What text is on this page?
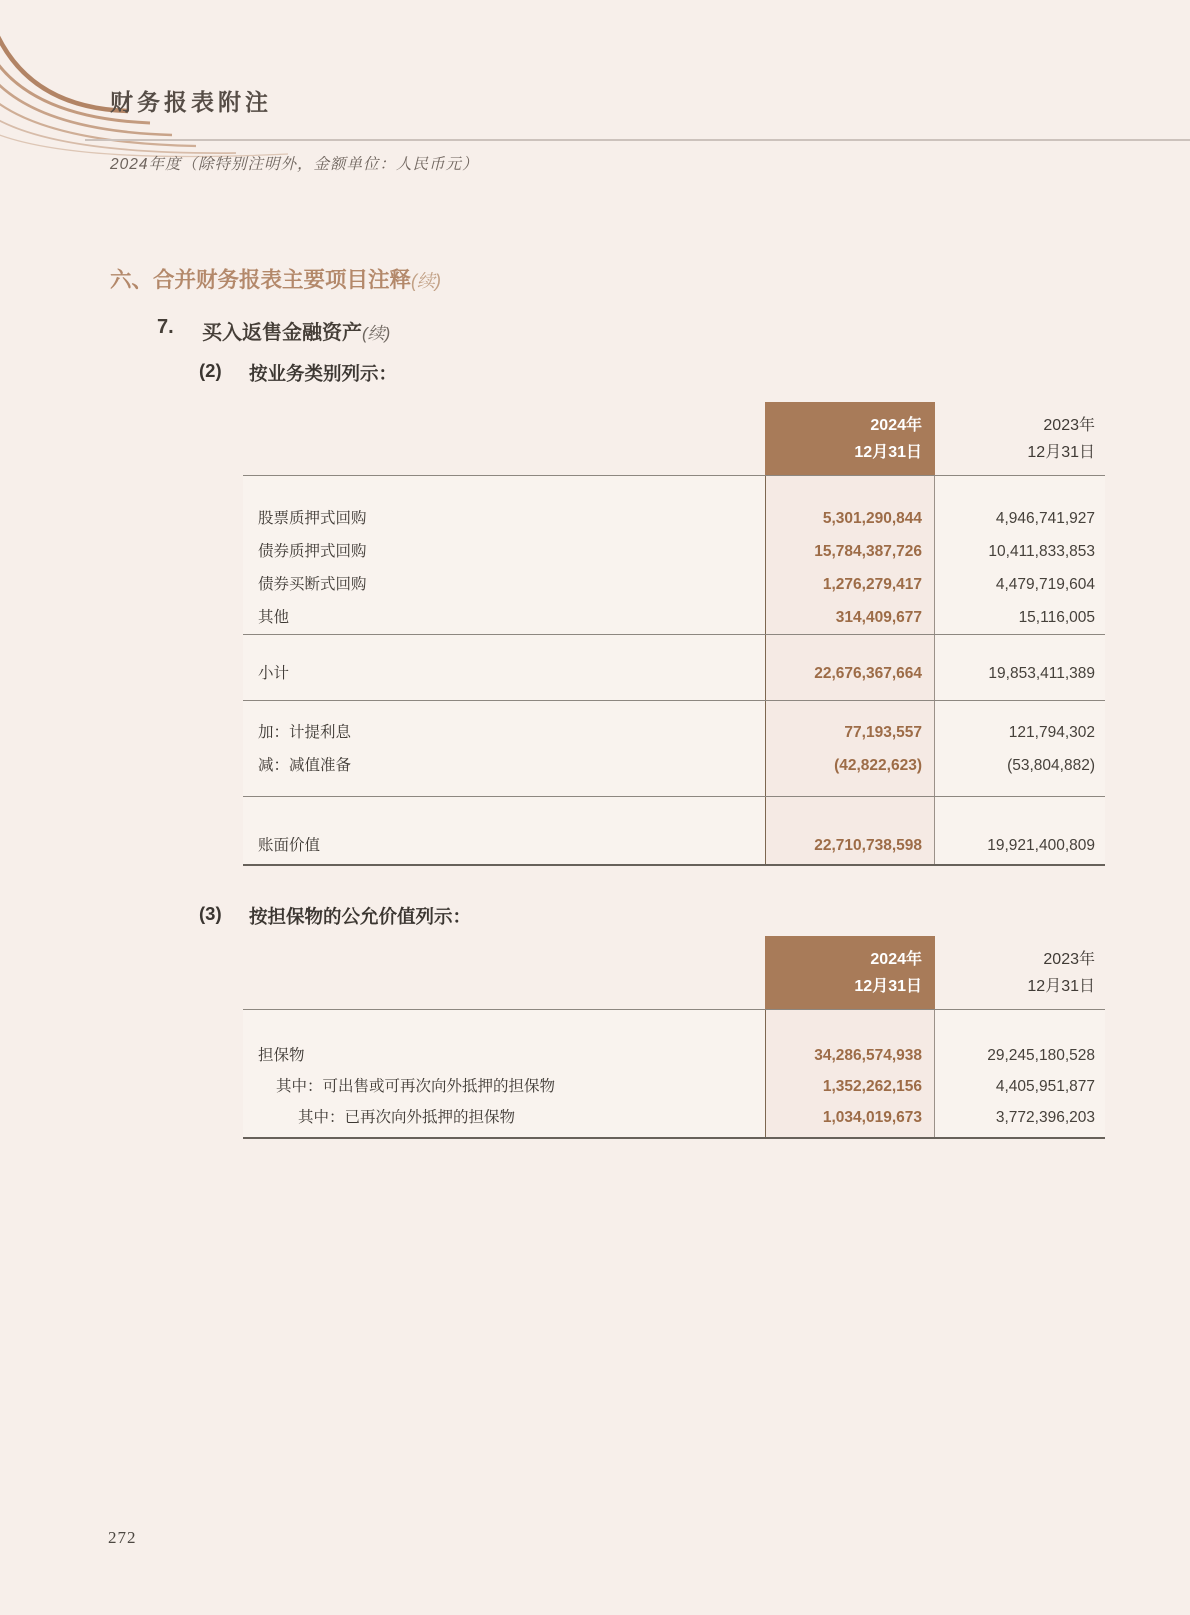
财务报表附注
2024年度（除特别注明外，金额单位：人民币元）
六、合并财务报表主要项目注释(续)
7. 买入返售金融资产(续)
(2) 按业务类别列示：
2024年
12月31日
2023年
12月31日
股票质押式回购	5,301,290,844	4,946,741,927
债券质押式回购	15,784,387,726	10,411,833,853
债券买断式回购	1,276,279,417	4,479,719,604
其他	314,409,677	15,116,005
小计	22,676,367,664	19,853,411,389
加：计提利息	77,193,557	121,794,302
减：减值准备	(42,822,623)	(53,804,882)
账面价值	22,710,738,598	19,921,400,809
(3) 按担保物的公允价值列示：
2024年
12月31日
2023年
12月31日
担保物	34,286,574,938	29,245,180,528
其中：可出售或可再次向外抵押的担保物	1,352,262,156	4,405,951,877
其中：已再次向外抵押的担保物	1,034,019,673	3,772,396,203
272
